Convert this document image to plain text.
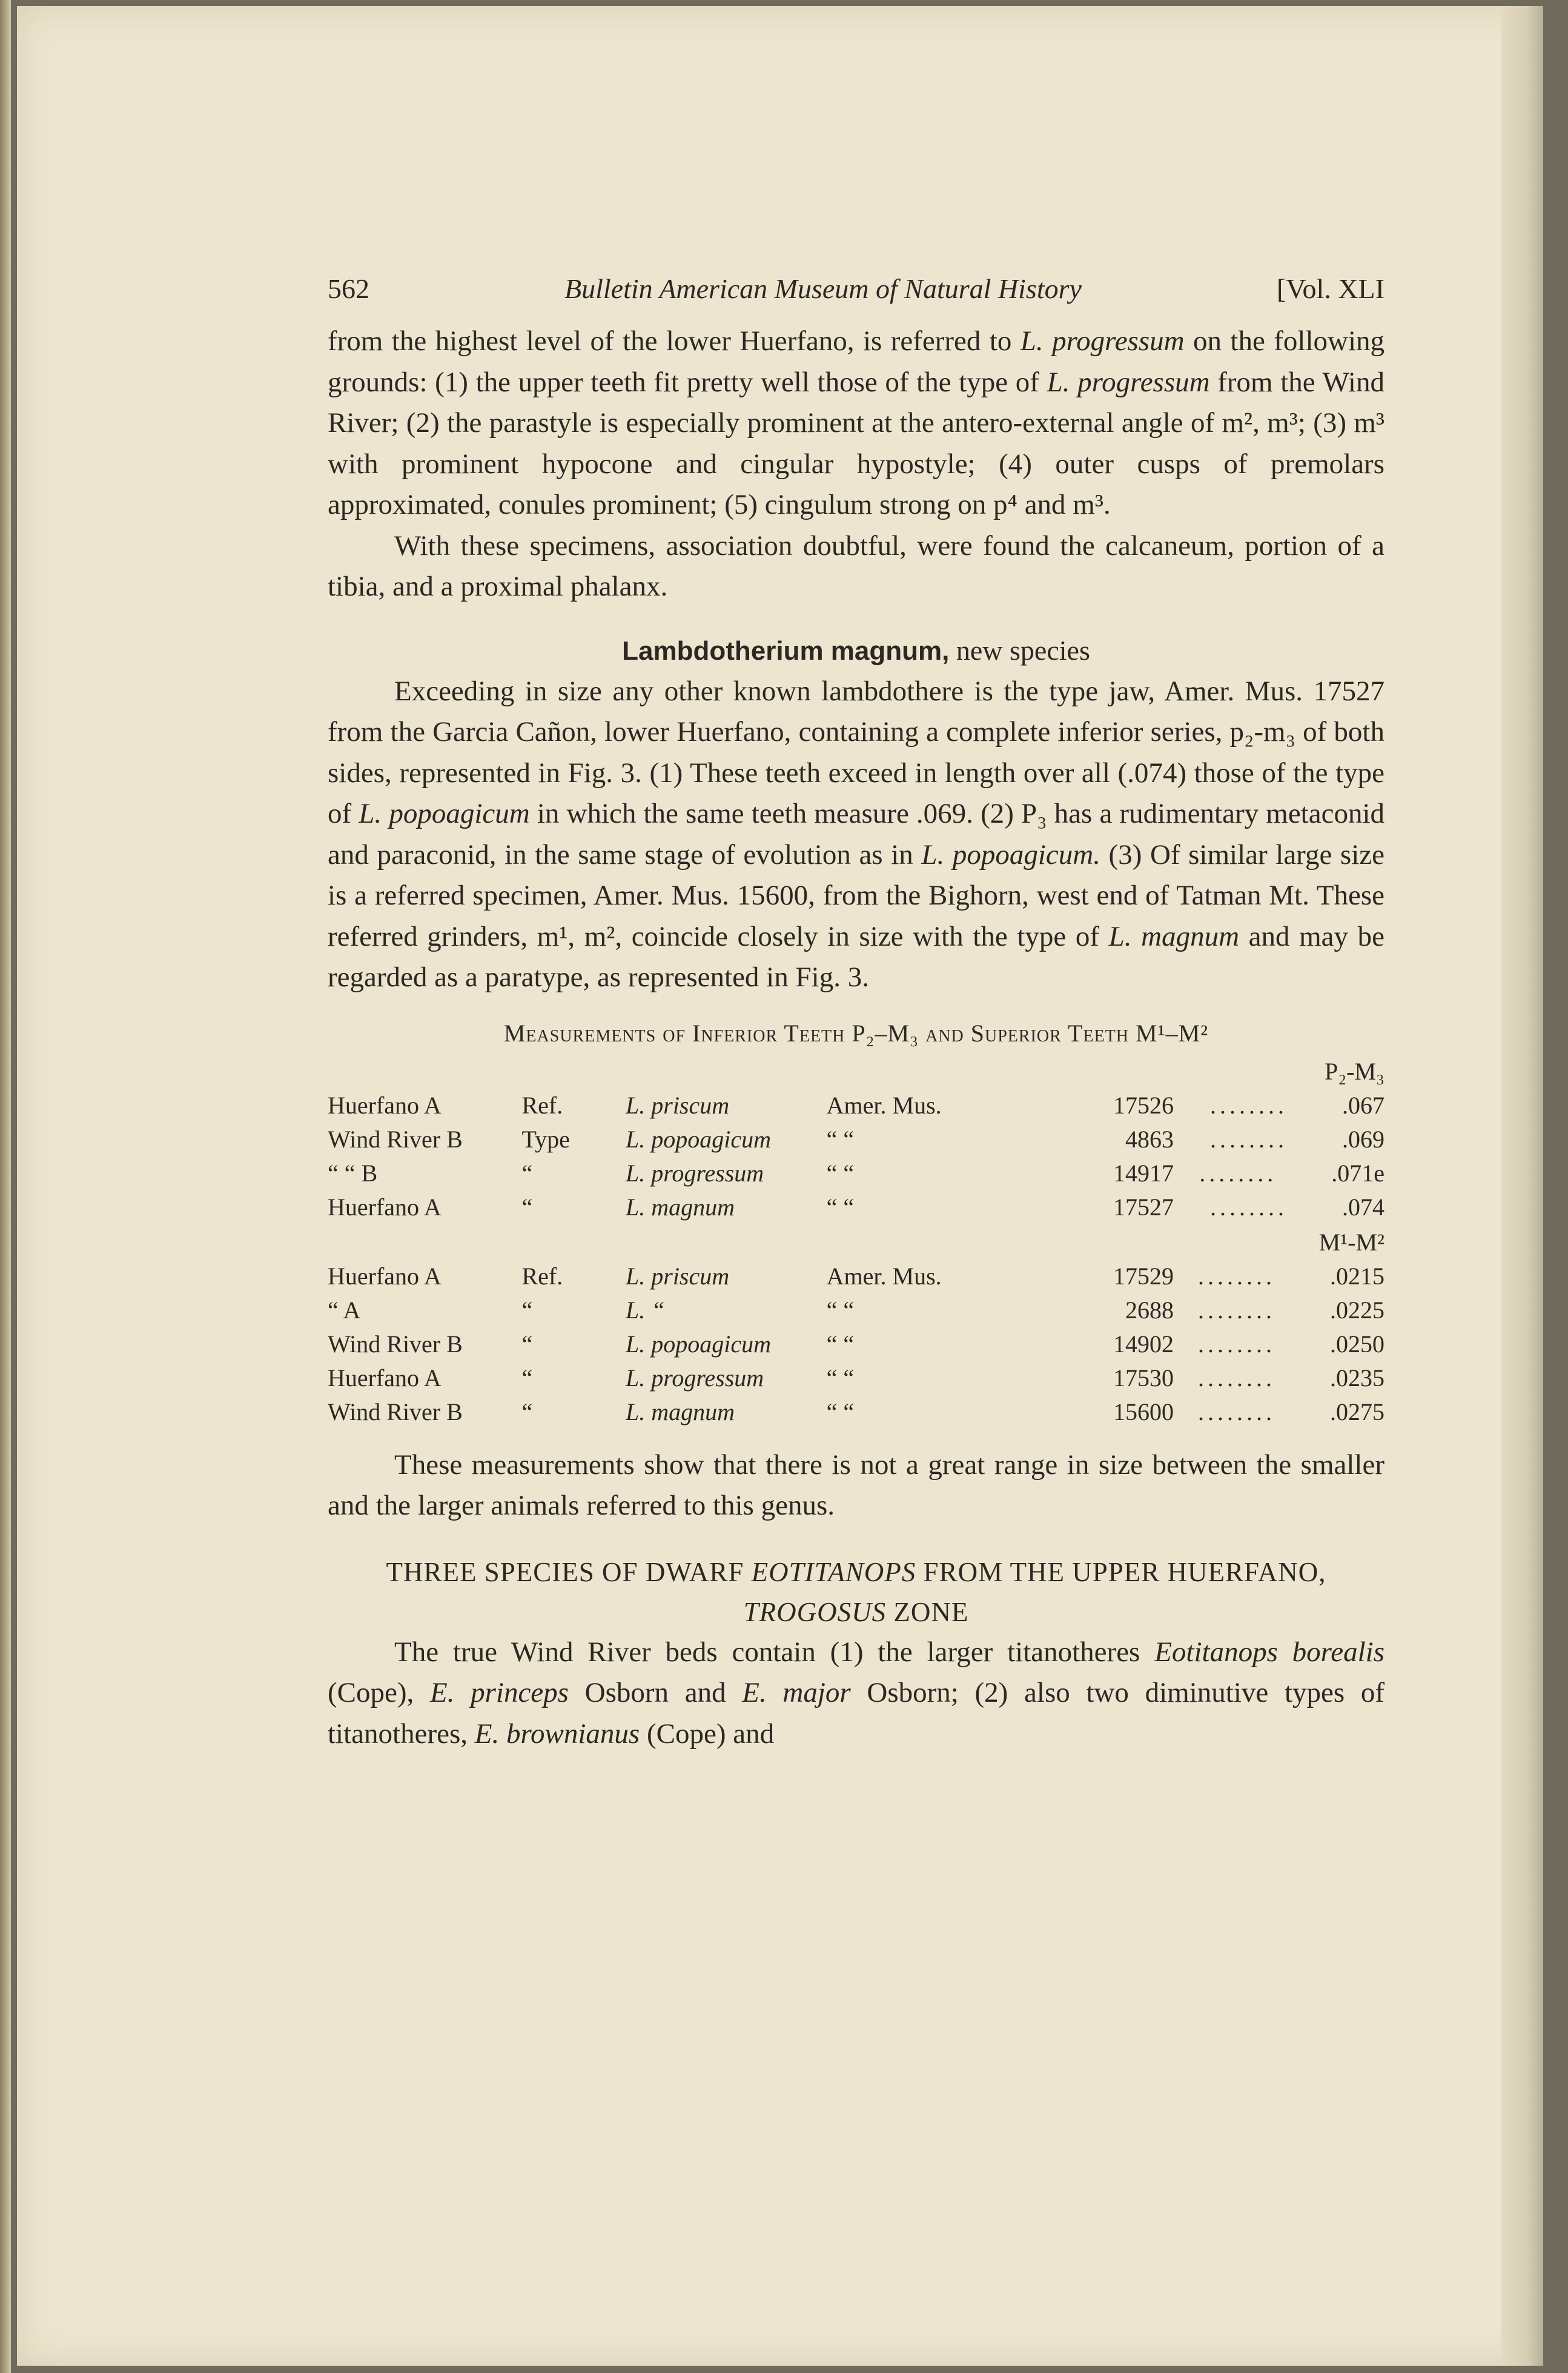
562	Bulletin American Museum of Natural History	[Vol. XLI

from the highest level of the lower Huerfano, is referred to L. progressum on the following grounds: (1) the upper teeth fit pretty well those of the type of L. progressum from the Wind River; (2) the parastyle is especially prominent at the antero-external angle of m², m³; (3) m³ with prominent hypocone and cingular hypostyle; (4) outer cusps of premolars approximated, conules prominent; (5) cingulum strong on p⁴ and m³.

With these specimens, association doubtful, were found the calcaneum, portion of a tibia, and a proximal phalanx.

Lambdotherium magnum, new species

Exceeding in size any other known lambdothere is the type jaw, Amer. Mus. 17527 from the Garcia Cañon, lower Huerfano, containing a complete inferior series, p₂-m₃ of both sides, represented in Fig. 3. (1) These teeth exceed in length over all (.074) those of the type of L. popoagicum in which the same teeth measure .069. (2) P₃ has a rudimentary metaconid and paraconid, in the same stage of evolution as in L. popoagicum. (3) Of similar large size is a referred specimen, Amer. Mus. 15600, from the Bighorn, west end of Tatman Mt. These referred grinders, m¹, m², coincide closely in size with the type of L. magnum and may be regarded as a paratype, as represented in Fig. 3.

Measurements of Inferior Teeth P₂–M₃ and Superior Teeth M¹–M²
					P₂-M₃
Huerfano A	Ref.	L. priscum	Amer. Mus.	17526	........ .067
Wind River B	Type	L. popoagicum	“ “	4863	........ .069
“ “ B	“	L. progressum	“ “	14917	........ .071e
Huerfano A	“	L. magnum	“ “	17527	........ .074
					M¹-M²
Huerfano A	Ref.	L. priscum	Amer. Mus.	17529	........ .0215
“ A	“	L. “	“ “	2688	........ .0225
Wind River B	“	L. popoagicum	“ “	14902	........ .0250
Huerfano A	“	L. progressum	“ “	17530	........ .0235
Wind River B	“	L. magnum	“ “	15600	........ .0275

These measurements show that there is not a great range in size between the smaller and the larger animals referred to this genus.

THREE SPECIES OF DWARF EOTITANOPS FROM THE UPPER HUERFANO, TROGOSUS ZONE

The true Wind River beds contain (1) the larger titanotheres Eotitanops borealis (Cope), E. princeps Osborn and E. major Osborn; (2) also two diminutive types of titanotheres, E. brownianus (Cope) and
